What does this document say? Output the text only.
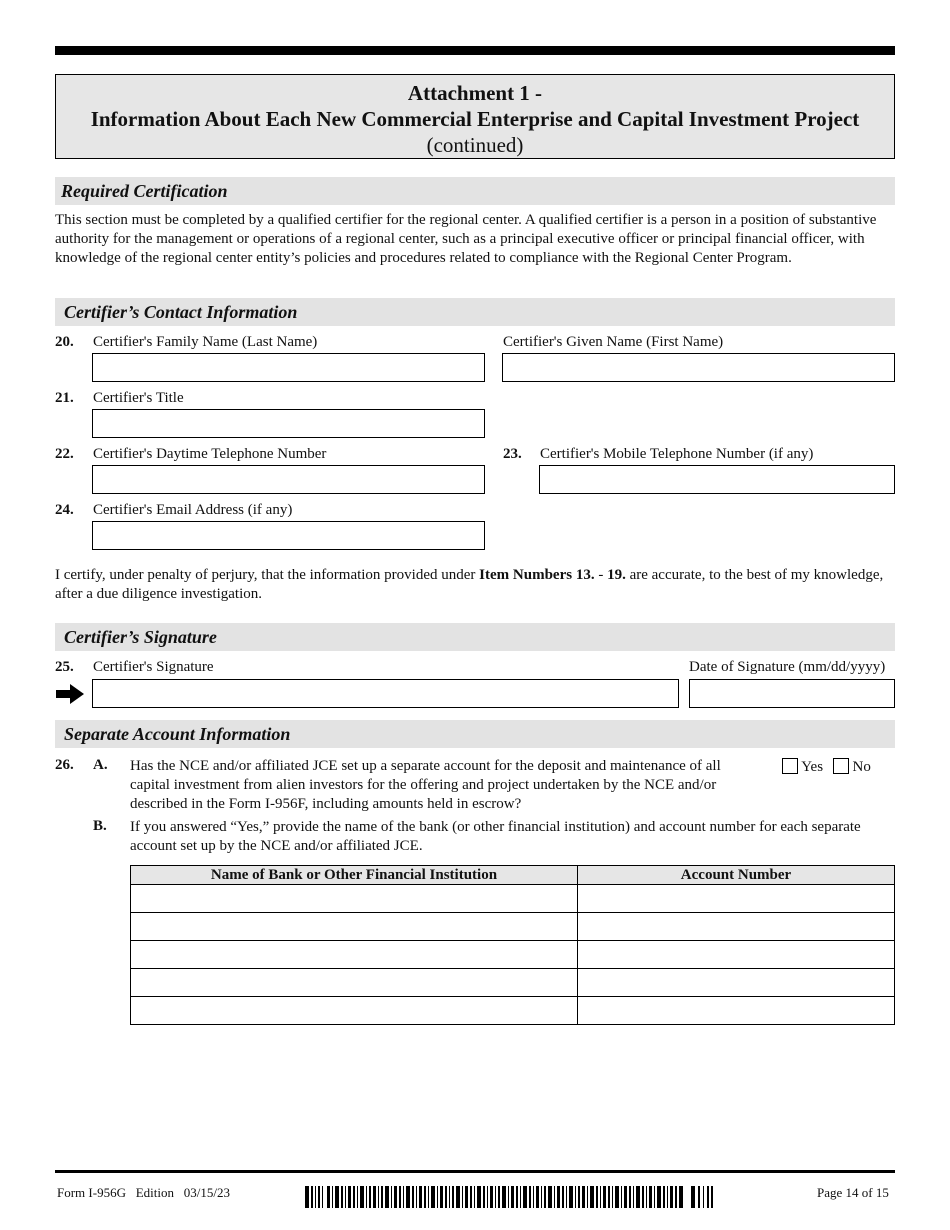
Attachment 1 -
Information About Each New Commercial Enterprise and Capital Investment Project
(continued)
Required Certification
This section must be completed by a qualified certifier for the regional center. A qualified certifier is a person in a position of substantive authority for the management or operations of a regional center, such as a principal executive officer or principal financial officer, with knowledge of the regional center entity’s policies and procedures related to compliance with the Regional Center Program.
Certifier’s Contact Information
20. Certifier's Family Name (Last Name)	Certifier's Given Name (First Name)
21. Certifier's Title
22. Certifier's Daytime Telephone Number	23. Certifier's Mobile Telephone Number (if any)
24. Certifier's Email Address (if any)
I certify, under penalty of perjury, that the information provided under Item Numbers 13. - 19. are accurate, to the best of my knowledge, after a due diligence investigation.
Certifier’s Signature
25. Certifier's Signature	Date of Signature (mm/dd/yyyy)
Separate Account Information
26. A. Has the NCE and/or affiliated JCE set up a separate account for the deposit and maintenance of all capital investment from alien investors for the offering and project undertaken by the NCE and/or described in the Form I-956F, including amounts held in escrow?
Yes No
B. If you answered “Yes,” provide the name of the bank (or other financial institution) and account number for each separate account set up by the NCE and/or affiliated JCE.
Name of Bank or Other Financial Institution	Account Number

Form I-956G Edition 03/15/23	Page 14 of 15
